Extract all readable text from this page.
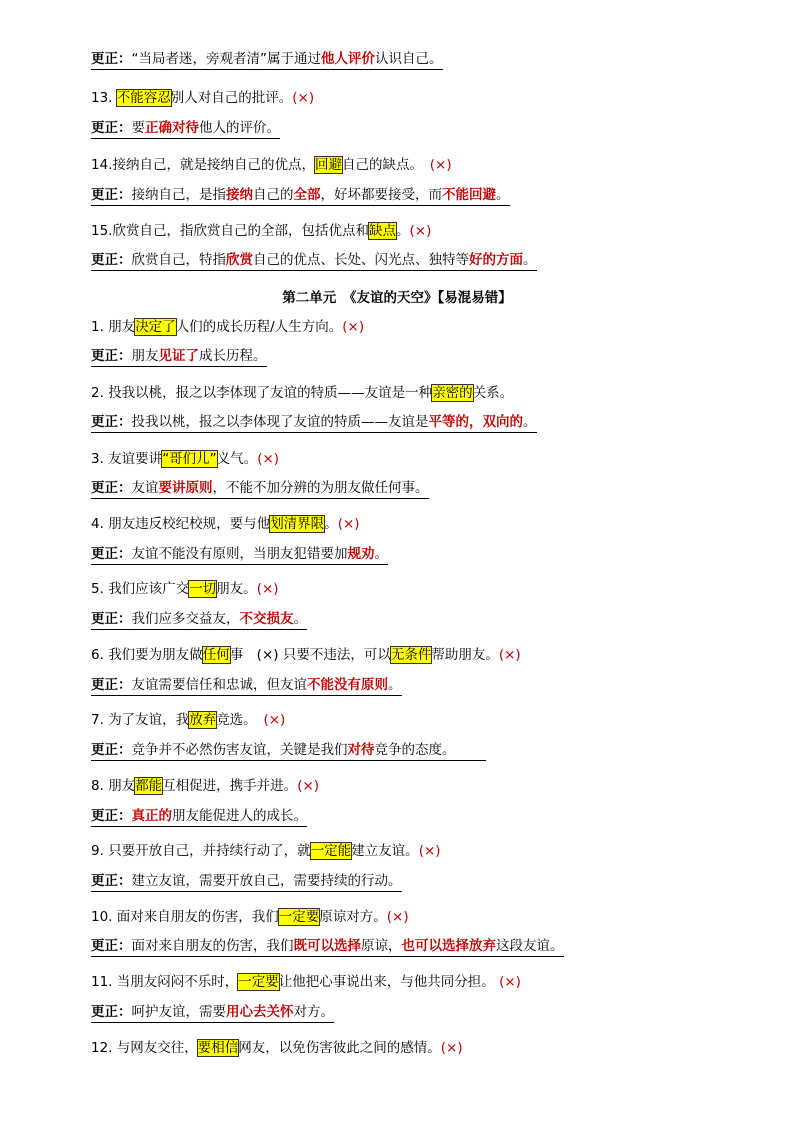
更正：“当局者迷，旁观者清”属于通过他人评价认识自己。
13. 不能容忍别人对自己的批评。(×)
更正：要正确对待他人的评价。
14.接纳自己，就是接纳自己的优点，回避自己的缺点。　 (×)
更正：接纳自己，是指接纳自己的全部，好坏都要接受，而不能回避。
15.欣赏自己，指欣赏自己的全部，包括优点和缺点。(×)
更正：欣赏自己，特指欣赏自己的优点、长处、闪光点、独特等好的方面。
第二单元　《友谊的天空》【易混易错】
1. 朋友决定了人们的成长历程/人生方向。(×)
更正：朋友见证了成长历程。
2. 投我以桃，报之以李体现了友谊的特质——友谊是一种亲密的关系。
更正：投我以桃，报之以李体现了友谊的特质——友谊是平等的，双向的。
3. 友谊要讲“哥们儿”义气。(×)
更正：友谊要讲原则，不能不加分辨的为朋友做任何事。
4. 朋友违反校纪校规，要与他划清界限。(×)
更正：友谊不能没有原则，当朋友犯错要加规劝。
5. 我们应该广交一切朋友。(×)
更正：我们应多交益友，不交损友。
6. 我们要为朋友做任何事　(×) 只要不违法，可以无条件帮助朋友。(×)
更正：友谊需要信任和忠诚，但友谊不能没有原则。
7. 为了友谊，我放弃竞选。　(×)
更正：竞争并不必然伤害友谊，关键是我们对待竞争的态度。
8. 朋友都能互相促进，携手并进。(×)
更正：真正的朋友能促进人的成长。
9. 只要开放自己，并持续行动了，就一定能建立友谊。(×)
更正：建立友谊，需要开放自己，需要持续的行动。
10. 面对来自朋友的伤害，我们一定要原谅对方。(×)
更正：面对来自朋友的伤害，我们既可以选择原谅，也可以选择放弃这段友谊。
11. 当朋友闷闷不乐时，一定要让他把心事说出来，与他共同分担。 (×)
更正：呵护友谊，需要用心去关怀对方。
12. 与网友交往，要相信网友，以免伤害彼此之间的感情。(×)
